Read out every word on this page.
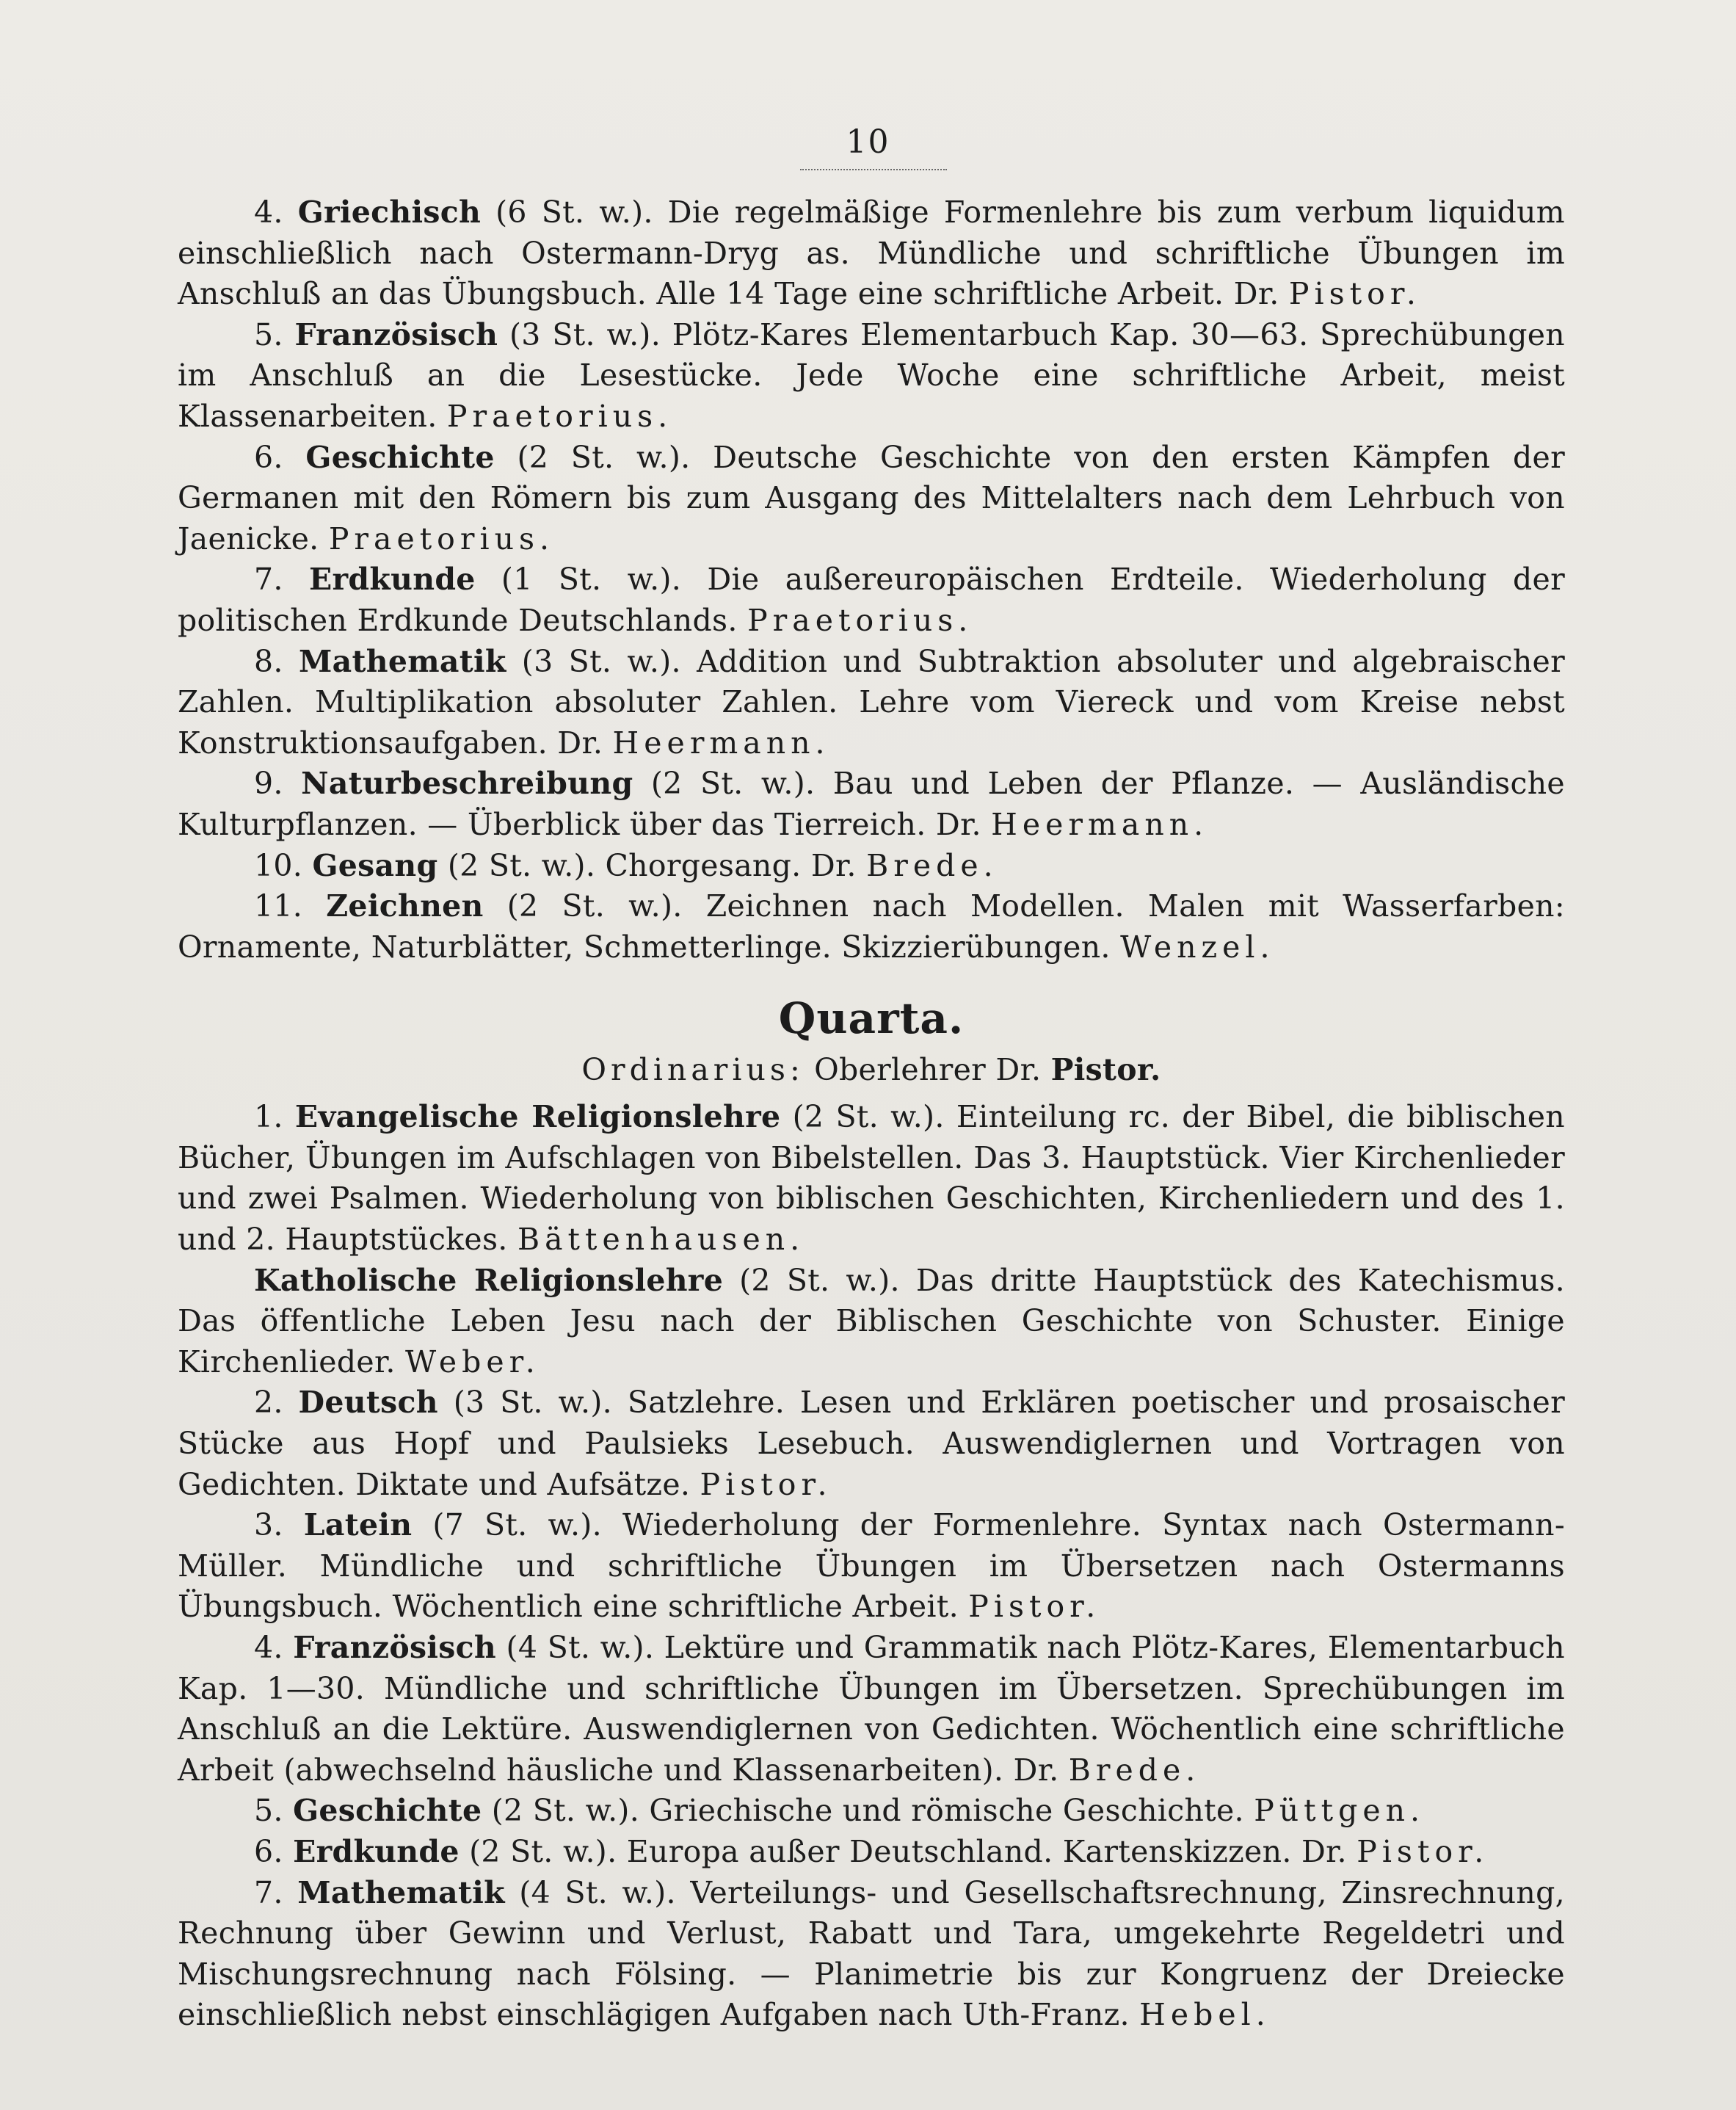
10

4. Griechisch (6 St. w.). Die regelmäßige Formenlehre bis zum verbum liquidum einschließlich nach Ostermann-Dryg as. Mündliche und schriftliche Übungen im Anschluß an das Übungsbuch. Alle 14 Tage eine schriftliche Arbeit. Dr. Pistor.

5. Französisch (3 St. w.). Plötz-Kares Elementarbuch Kap. 30—63. Sprechübungen im Anschluß an die Lesestücke. Jede Woche eine schriftliche Arbeit, meist Klassenarbeiten. Praetorius.

6. Geschichte (2 St. w.). Deutsche Geschichte von den ersten Kämpfen der Germanen mit den Römern bis zum Ausgang des Mittelalters nach dem Lehrbuch von Jaenicke. Praetorius.

7. Erdkunde (1 St. w.). Die außereuropäischen Erdteile. Wiederholung der politischen Erdkunde Deutschlands. Praetorius.

8. Mathematik (3 St. w.). Addition und Subtraktion absoluter und algebraischer Zahlen. Multiplikation absoluter Zahlen. Lehre vom Viereck und vom Kreise nebst Konstruktionsaufgaben. Dr. Heermann.

9. Naturbeschreibung (2 St. w.). Bau und Leben der Pflanze. — Ausländische Kulturpflanzen. — Überblick über das Tierreich. Dr. Heermann.

10. Gesang (2 St. w.). Chorgesang. Dr. Brede.

11. Zeichnen (2 St. w.). Zeichnen nach Modellen. Malen mit Wasserfarben: Ornamente, Naturblätter, Schmetterlinge. Skizzierübungen. Wenzel.

Quarta.
Ordinarius: Oberlehrer Dr. Pistor.

1. Evangelische Religionslehre (2 St. w.). Einteilung rc. der Bibel, die biblischen Bücher, Übungen im Aufschlagen von Bibelstellen. Das 3. Hauptstück. Vier Kirchenlieder und zwei Psalmen. Wiederholung von biblischen Geschichten, Kirchenliedern und des 1. und 2. Hauptstückes. Bättenhausen.

Katholische Religionslehre (2 St. w.). Das dritte Hauptstück des Katechismus. Das öffentliche Leben Jesu nach der Biblischen Geschichte von Schuster. Einige Kirchenlieder. Weber.

2. Deutsch (3 St. w.). Satzlehre. Lesen und Erklären poetischer und prosaischer Stücke aus Hopf und Paulsieks Lesebuch. Auswendiglernen und Vortragen von Gedichten. Diktate und Aufsätze. Pistor.

3. Latein (7 St. w.). Wiederholung der Formenlehre. Syntax nach Ostermann-Müller. Mündliche und schriftliche Übungen im Übersetzen nach Ostermanns Übungsbuch. Wöchentlich eine schriftliche Arbeit. Pistor.

4. Französisch (4 St. w.). Lektüre und Grammatik nach Plötz-Kares, Elementarbuch Kap. 1—30. Mündliche und schriftliche Übungen im Übersetzen. Sprechübungen im Anschluß an die Lektüre. Auswendiglernen von Gedichten. Wöchentlich eine schriftliche Arbeit (abwechselnd häusliche und Klassenarbeiten). Dr. Brede.

5. Geschichte (2 St. w.). Griechische und römische Geschichte. Püttgen.

6. Erdkunde (2 St. w.). Europa außer Deutschland. Kartenskizzen. Dr. Pistor.

7. Mathematik (4 St. w.). Verteilungs- und Gesellschaftsrechnung, Zinsrechnung, Rechnung über Gewinn und Verlust, Rabatt und Tara, umgekehrte Regeldetri und Mischungsrechnung nach Fölsing. — Planimetrie bis zur Kongruenz der Dreiecke einschließlich nebst einschlägigen Aufgaben nach Uth-Franz. Hebel.
